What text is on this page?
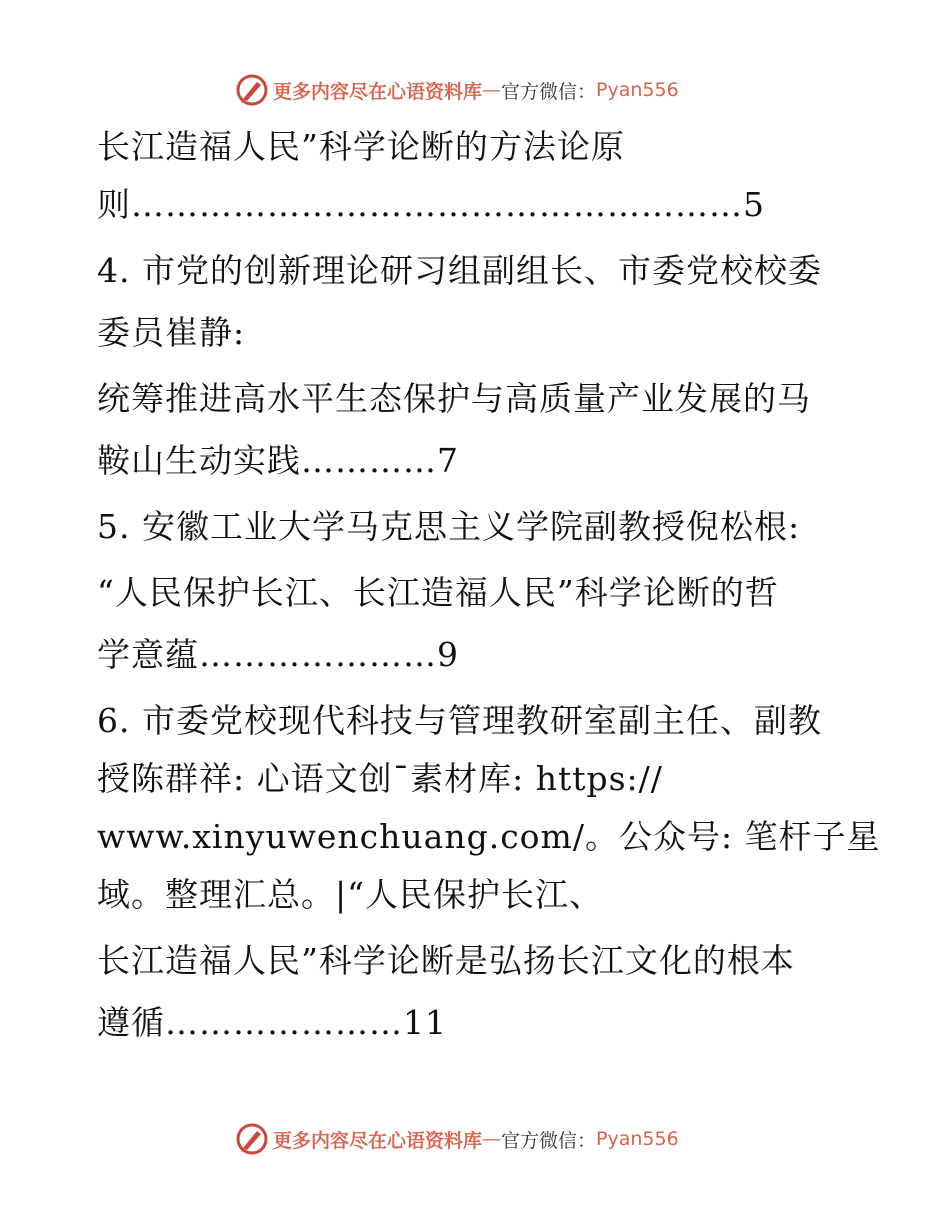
更多内容尽在心语资料库 — 官方微信： Pyan556
长江造福人民”科学论断的方法论原
则………………………………………………5
4. 市党的创新理论研习组副组长、市委党校校委
委员崔静:
统筹推进高水平生态保护与高质量产业发展的马
鞍山生动实践…………7
5. 安徽工业大学马克思主义学院副教授倪松根:
“人民保护长江、长江造福人民”科学论断的哲
学意蕴…………………9
6. 市委党校现代科技与管理教研室副主任、副教
授陈群祥: 心语文创¯素材库: https://
www.xinyuwenchuang.com/。公众号: 笔杆子星
域。整理汇总。|“人民保护长江、
长江造福人民”科学论断是弘扬长江文化的根本
遵循…………………11
更多内容尽在心语资料库 — 官方微信： Pyan556
